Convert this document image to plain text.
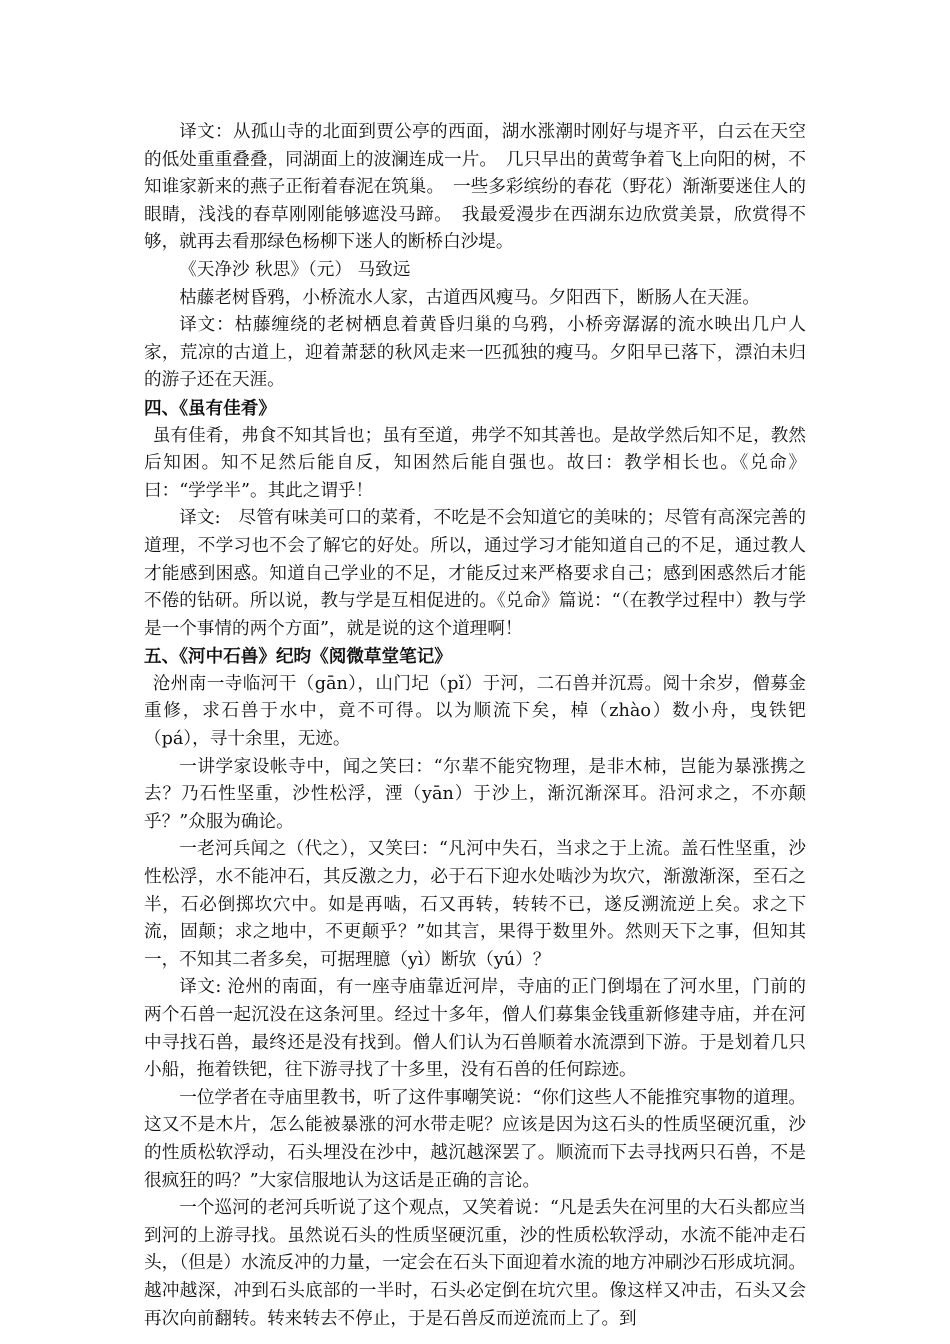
译文：从孤山寺的北面到贾公亭的西面，湖水涨潮时刚好与堤齐平，白云在天空的低处重重叠叠，同湖面上的波澜连成一片。　几只早出的黄莺争着飞上向阳的树，不知谁家新来的燕子正衔着春泥在筑巢。　一些多彩缤纷的春花（野花）渐渐要迷住人的眼睛，浅浅的春草刚刚能够遮没马蹄。　我最爱漫步在西湖东边欣赏美景，欣赏得不够，就再去看那绿色杨柳下迷人的断桥白沙堤。

《天净沙 秋思》（元） 马致远

枯藤老树昏鸦，小桥流水人家，古道西风瘦马。夕阳西下，断肠人在天涯。

译文：枯藤缠绕的老树栖息着黄昏归巢的乌鸦，小桥旁潺潺的流水映出几户人家，荒凉的古道上，迎着萧瑟的秋风走来一匹孤独的瘦马。夕阳早已落下，漂泊未归的游子还在天涯。

四、《虽有佳肴》

虽有佳肴，弗食不知其旨也；虽有至道，弗学不知其善也。是故学然后知不足，教然后知困。知不足然后能自反，知困然后能自强也。故曰：教学相长也。《兑命》曰：“学学半”。其此之谓乎！

译文:　尽管有味美可口的菜肴，不吃是不会知道它的美味的；尽管有高深完善的道理，不学习也不会了解它的好处。所以，通过学习才能知道自己的不足，通过教人才能感到困惑。知道自己学业的不足，才能反过来严格要求自己；感到困惑然后才能不倦的钻研。所以说，教与学是互相促进的。《兑命》篇说：“（在教学过程中）教与学是一个事情的两个方面”，就是说的这个道理啊！

五、《河中石兽》纪昀《阅微草堂笔记》

沧州南一寺临河干（gān），山门圮（pǐ）于河，二石兽并沉焉。阅十余岁，僧募金重修，求石兽于水中，竟不可得。以为顺流下矣，棹（zhào）数小舟，曳铁钯（pá），寻十余里，无迹。

一讲学家设帐寺中，闻之笑曰：“尔辈不能究物理，是非木柿，岂能为暴涨携之去？乃石性坚重，沙性松浮，湮（yān）于沙上，渐沉渐深耳。沿河求之，不亦颠乎？”众服为确论。

一老河兵闻之（代之），又笑曰：“凡河中失石，当求之于上流。盖石性坚重，沙性松浮，水不能冲石，其反激之力，必于石下迎水处啮沙为坎穴，渐激渐深，至石之半，石必倒掷坎穴中。如是再啮，石又再转，转转不已，遂反溯流逆上矣。求之下流，固颠；求之地中，不更颠乎？”如其言，果得于数里外。然则天下之事，但知其一，不知其二者多矣，可据理臆（yì）断欤（yú）？

译文: 沧州的南面，有一座寺庙靠近河岸，寺庙的正门倒塌在了河水里，门前的两个石兽一起沉没在这条河里。经过十多年，僧人们募集金钱重新修建寺庙，并在河中寻找石兽，最终还是没有找到。僧人们认为石兽顺着水流漂到下游。于是划着几只小船，拖着铁钯，往下游寻找了十多里，没有石兽的任何踪迹。

一位学者在寺庙里教书，听了这件事嘲笑说：“你们这些人不能推究事物的道理。这又不是木片，怎么能被暴涨的河水带走呢？应该是因为这石头的性质坚硬沉重，沙的性质松软浮动，石头埋没在沙中，越沉越深罢了。顺流而下去寻找两只石兽，不是很疯狂的吗？”大家信服地认为这话是正确的言论。

一个巡河的老河兵听说了这个观点，又笑着说：“凡是丢失在河里的大石头都应当到河的上游寻找。虽然说石头的性质坚硬沉重，沙的性质松软浮动，水流不能冲走石头，（但是）水流反冲的力量，一定会在石头下面迎着水流的地方冲刷沙石形成坑洞。越冲越深，冲到石头底部的一半时，石头必定倒在坑穴里。像这样又冲击，石头又会再次向前翻转。转来转去不停止，于是石兽反而逆流而上了。到
